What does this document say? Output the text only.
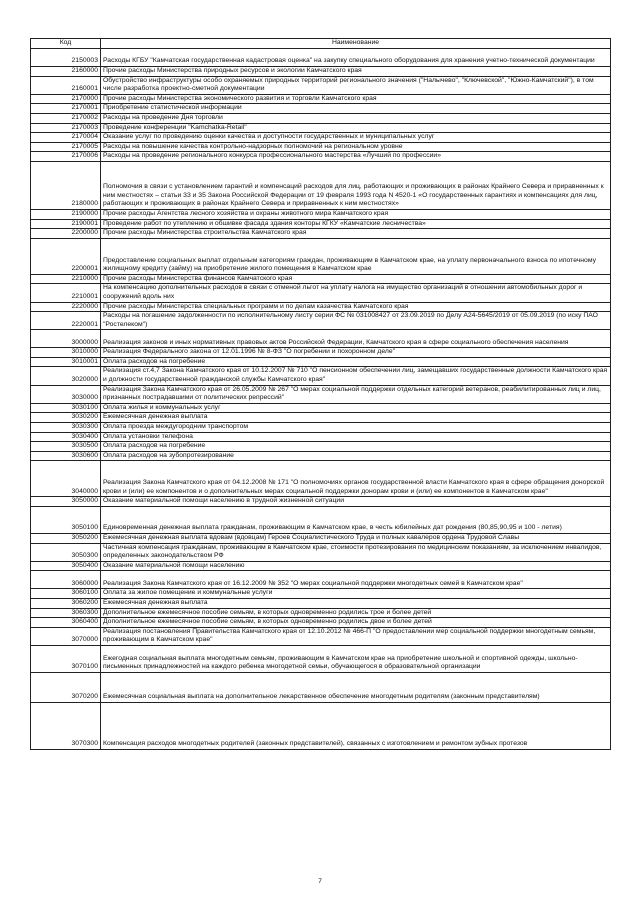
Код	Наименование
2150003	Расходы КГБУ "Камчатская государственная кадастровая оценка" на закупку специального оборудования для хранения учетно-технической документации
2160000	Прочие расходы Министерства природных ресурсов и экологии Камчатского края
2160001	Обустройство инфраструктуры особо охраняемых природных территорий регионального значения ("Налычево", "Ключевской", "Южно-Камчатский"), в том числе разработка проектно-сметной документации
2170000	Прочие расходы Министерства экономического развития и торговли Камчатского края
2170001	Приобретение статистической информации
2170002	Расходы на проведение Дня торговли
2170003	Проведение конференции "Kamchatka-Retail"
2170004	Оказание услуг по проведению оценки качества и доступности государственных и муниципальных услуг
2170005	Расходы на повышение качества контрольно-надзорных полномочий на региональном уровне
2170006	Расходы на проведение регионального конкурса профессионального мастерства «Лучший по профессии»
2180000	Полномочия в связи с установлением гарантий и компенсаций расходов для лиц, работающих и проживающих в районах Крайнего Севера и приравненных к ним местностях – статьи 33 и 35 Закона Российской Федерации от 19 февраля 1993 года N 4520-1 «О государственных гарантиях и компенсациях для лиц, работающих и проживающих в районах Крайнего Севера и приравненных к ним местностях»
2190000	Прочие расходы Агентства лесного хозяйства и охраны животного мира Камчатского края
2190001	Проведение работ по утеплению и обшивке фасада здания конторы КГКУ «Камчатские лесничества»
2200000	Прочие расходы Министерства строительства Камчатского края
2200001	Предоставление социальных выплат отдельным категориям граждан, проживающим в Камчатском крае, на уплату первоначального взноса по ипотечному жилищному кредиту (займу) на приобретение жилого помещения в Камчатском крае
2210000	Прочие расходы Министерства финансов Камчатского края
2210001	На компенсацию дополнительных расходов в связи с отменой льгот на уплату налога на имущество организаций в отношении автомобильных дорог и сооружений вдоль них
2220000	Прочие расходы Министерства специальных программ и по делам казачества Камчатского края
2220001	Расходы на погашение задолженности по исполнительному листу серии ФС № 031008427 от 23.09.2019 по Делу А24-5645/2019 от 05.09.2019 (по иску ПАО "Ростелеком")
3000000	Реализация законов и иных нормативных правовых актов Российской Федерации, Камчатского края в сфере социального обеспечения населения
3010000	Реализация Федерального закона от 12.01.1996 № 8-ФЗ "О погребении и похоронном деле"
3010001	Оплата расходов на погребение
3020000	Реализация ст.4,7 Закона Камчатского края от 10.12.2007 № 710 "О пенсионном обеспечении лиц, замещавших государственные должности Камчатского края и должности государственной гражданской службы Камчатского края"
3030000	Реализация Закона Камчатского края от 26.05.2009 № 267 "О мерах социальной поддержки отдельных категорий ветеранов, реабилитированных лиц и лиц, признанных пострадавшими от политических репрессий"
3030100	Оплата жилья и коммунальных услуг
3030200	Ежемесячная денежная выплата
3030300	Оплата проезда междугородним транспортом
3030400	Оплата установки телефона
3030500	Оплата расходов на погребение
3030600	Оплата расходов на зубопротезирование
3040000	Реализация Закона Камчатского края от 04.12.2008 № 171 "О полномочиях органов государственной власти Камчатского края в сфере обращения донорской крови и (или) ее компонентов и о дополнительных мерах социальной поддержки донорам крови и (или) ее компонентов в Камчатском крае"
3050000	Оказание материальной помощи населению в трудной жизненной ситуации
3050100	Единовременная денежная выплата гражданам, проживающим в Камчатском крае, в честь юбилейных дат рождения (80,85,90,95 и 100 - летия)
3050200	Ежемесячная денежная выплата вдовам (вдовцам) Героев Социалистического Труда и полных кавалеров ордена Трудовой Славы
3050300	Частичная компенсация гражданам, проживающим в Камчатском крае, стоимости протезирования по медицинским показаниям, за исключением инвалидов, определенных законодательством РФ
3050400	Оказание материальной помощи населению
3060000	Реализация Закона Камчатского края от 16.12.2009 № 352 "О мерах социальной поддержки многодетных семей в Камчатском крае"
3060100	Оплата за жилое помещение и коммунальные услуги
3060200	Ежемесячная денежная выплата
3060300	Дополнительное ежемесячное пособие семьям, в которых одновременно родились трое и более детей
3060400	Дополнительное ежемесячное пособие семьям, в которых одновременно родились двое и более детей
3070000	Реализация постановления Правительства Камчатского края от 12.10.2012 № 466-П "О предоставлении мер социальной поддержки многодетным семьям, проживающим в Камчатском крае"
3070100	Ежегодная социальная выплата многодетным семьям, проживающим в Камчатском крае на приобретение школьной и спортивной одежды, школьно- письменных принадлежностей на каждого ребенка многодетной семьи, обучающегося в образовательной организации
3070200	Ежемесячная социальная выплата на дополнительное лекарственное обеспечение многодетным родителям (законным представителям)
3070300	Компенсация расходов многодетных родителей (законных представителей), связанных с изготовлением и ремонтом зубных протезов
7
